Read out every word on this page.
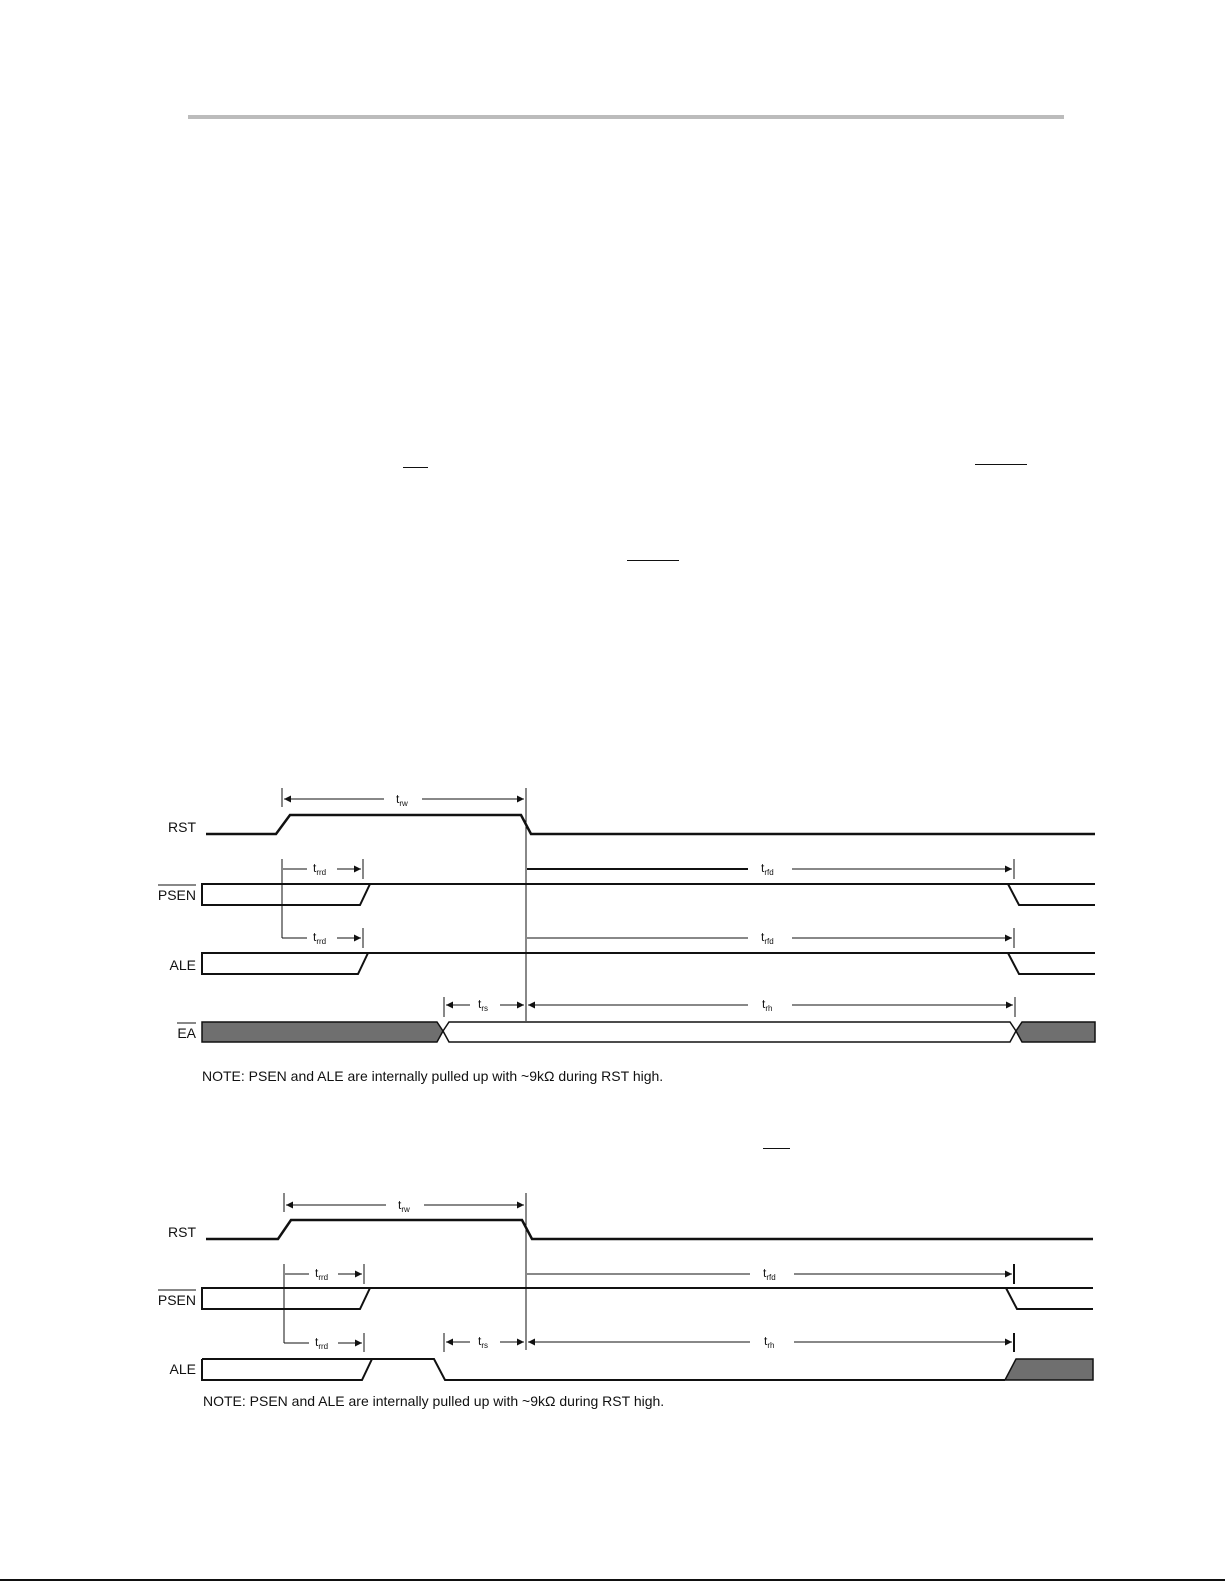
RST
PSEN
ALE
EA
$t_{rw}$
$t_{rrd}$	$t_{rfd}$
$t_{rrd}$	$t_{rfd}$
$t_{rs}$	$t_{rh}$
NOTE: PSEN and ALE are internally pulled up with ~9kΩ during RST high.
RST
PSEN
ALE
$t_{rw}$
$t_{rrd}$	$t_{rfd}$
$t_{rrd}$	$t_{rs}$	$t_{rh}$
NOTE: PSEN and ALE are internally pulled up with ~9kΩ during RST high.
